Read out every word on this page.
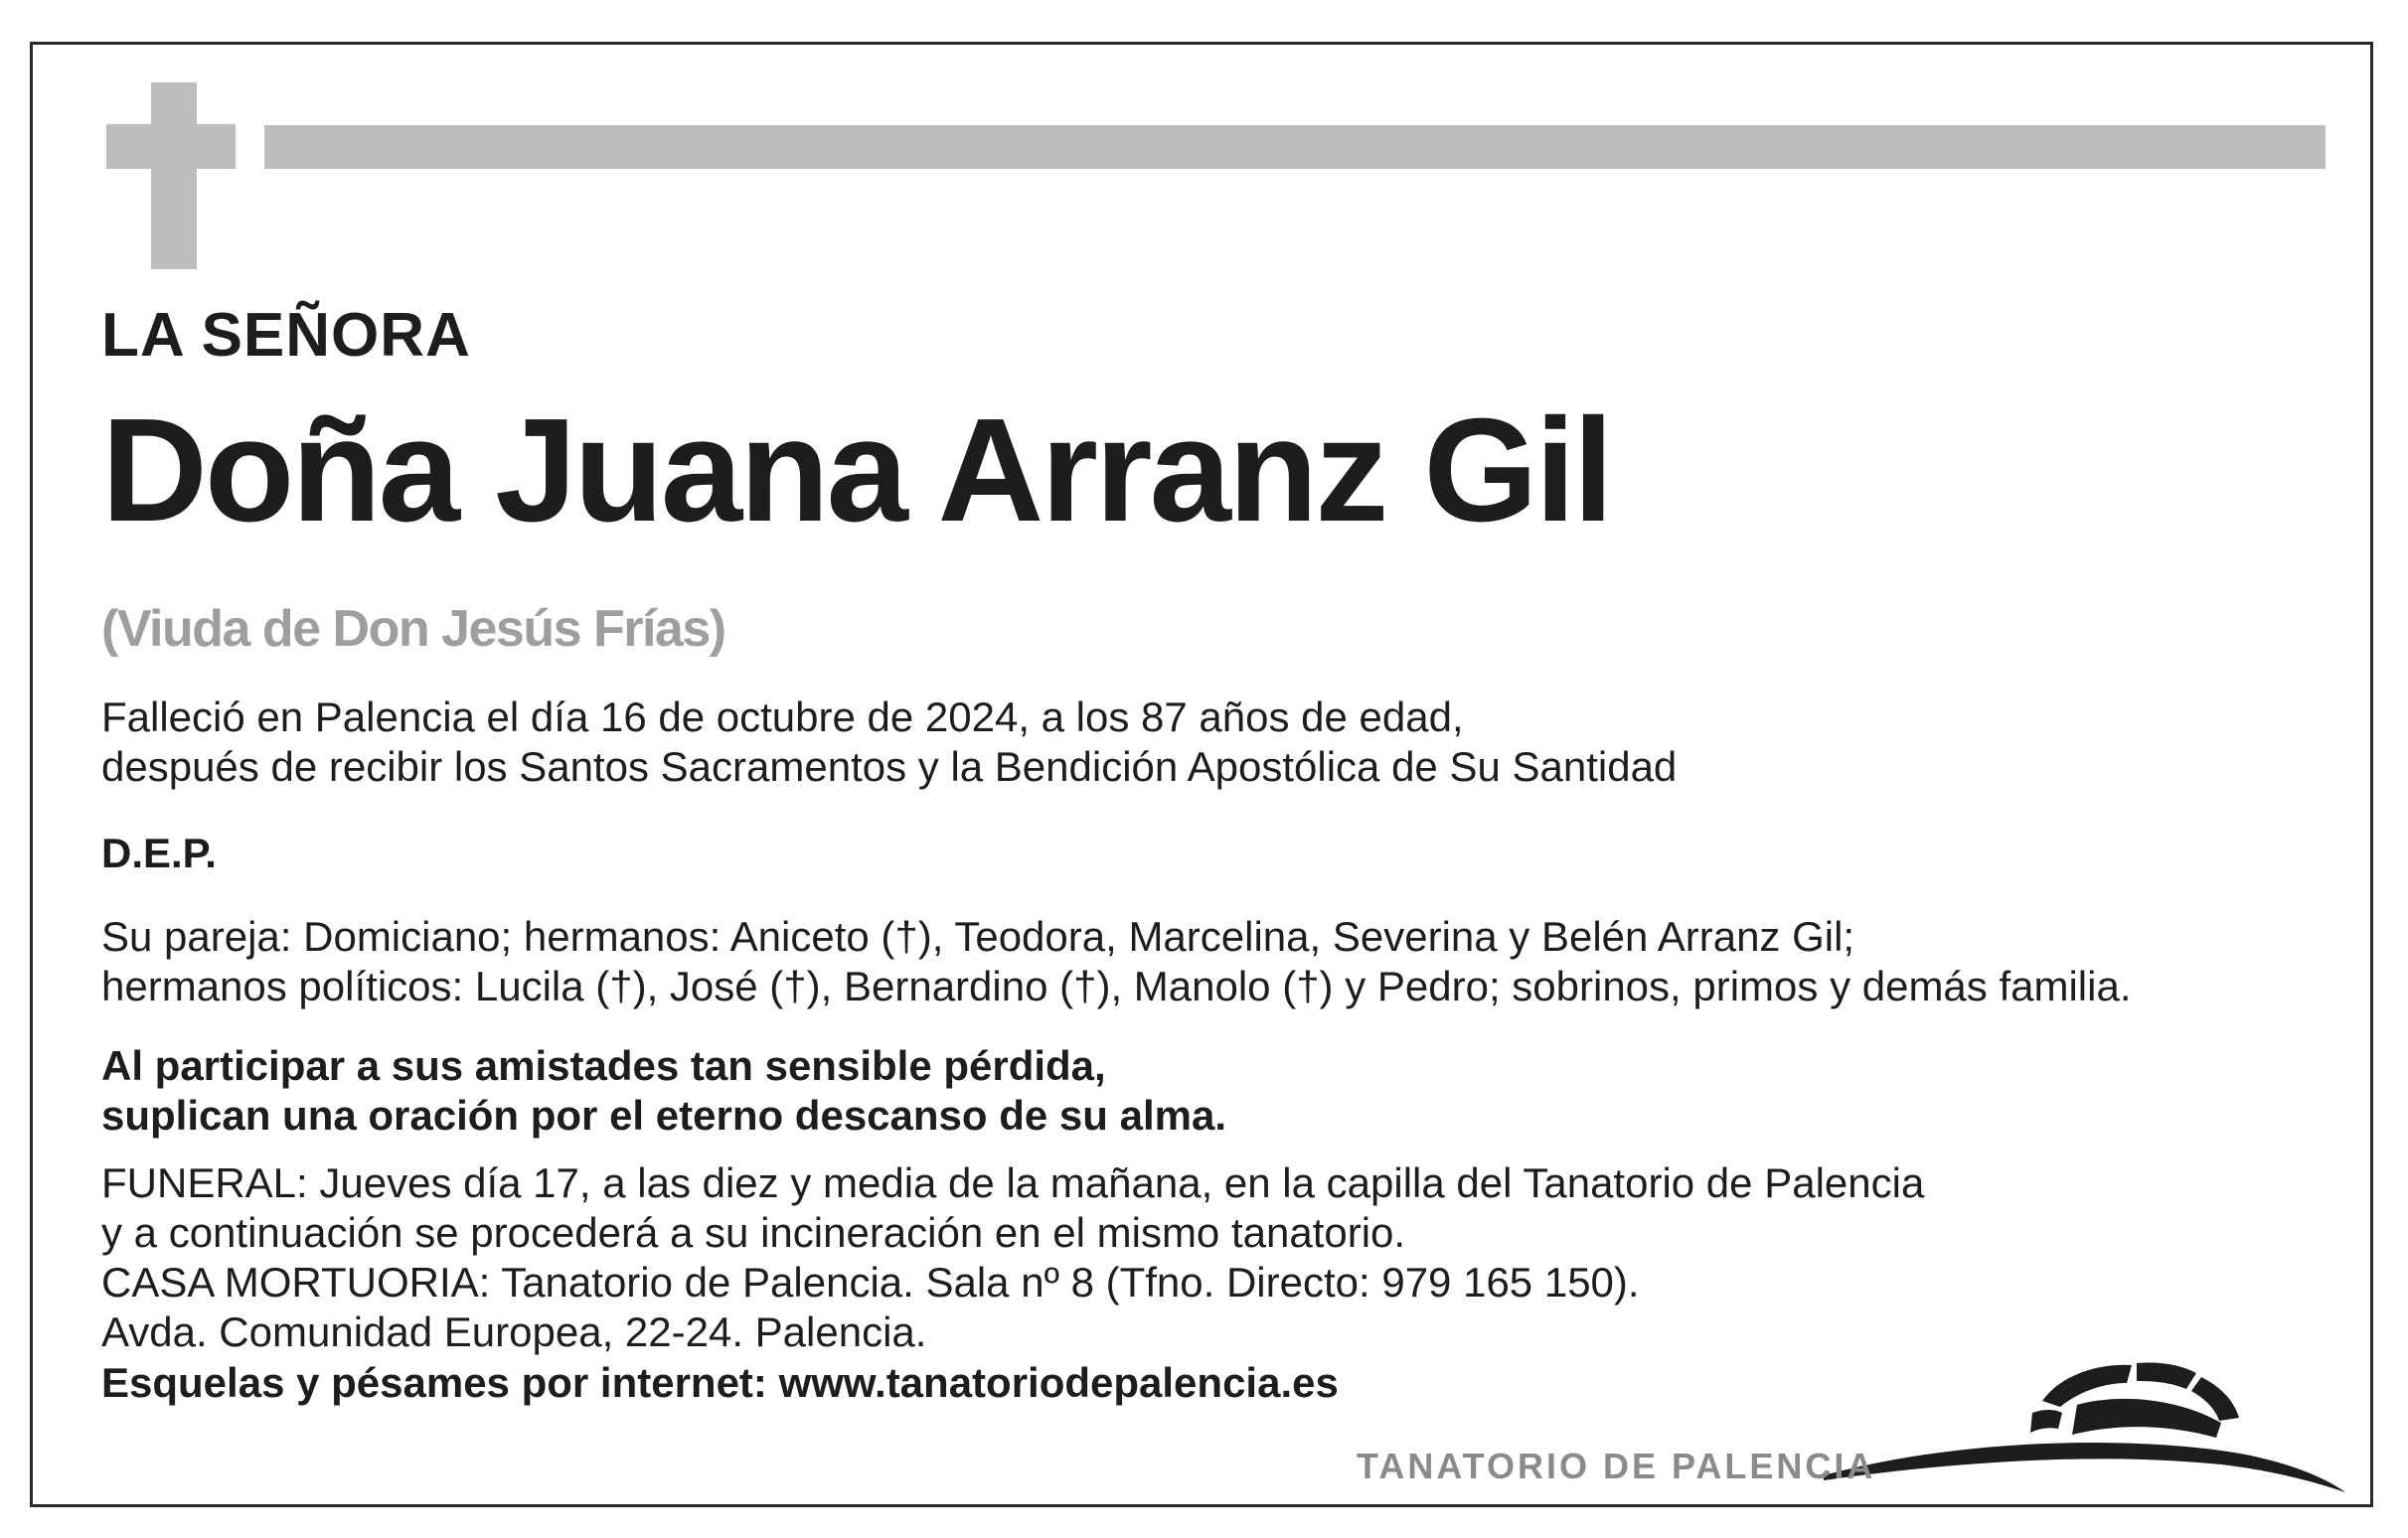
LA SEÑORA

Doña Juana Arranz Gil

(Viuda de Don Jesús Frías)

Falleció en Palencia el día 16 de octubre de 2024, a los 87 años de edad,

después de recibir los Santos Sacramentos y la Bendición Apostólica de Su Santidad

D.E.P.

Su pareja: Domiciano; hermanos: Aniceto (†), Teodora, Marcelina, Severina y Belén Arranz Gil;

hermanos políticos: Lucila (†), José (†), Bernardino (†), Manolo (†) y Pedro; sobrinos, primos y demás familia.

Al participar a sus amistades tan sensible pérdida,

suplican una oración por el eterno descanso de su alma.

FUNERAL: Jueves día 17, a las diez y media de la mañana, en la capilla del Tanatorio de Palencia

y a continuación se procederá a su incineración en el mismo tanatorio.

CASA MORTUORIA: Tanatorio de Palencia. Sala nº 8 (Tfno. Directo: 979 165 150).

Avda. Comunidad Europea, 22-24. Palencia.

Esquelas y pésames por internet: www.tanatoriodepalencia.es

TANATORIO DE PALENCIA
